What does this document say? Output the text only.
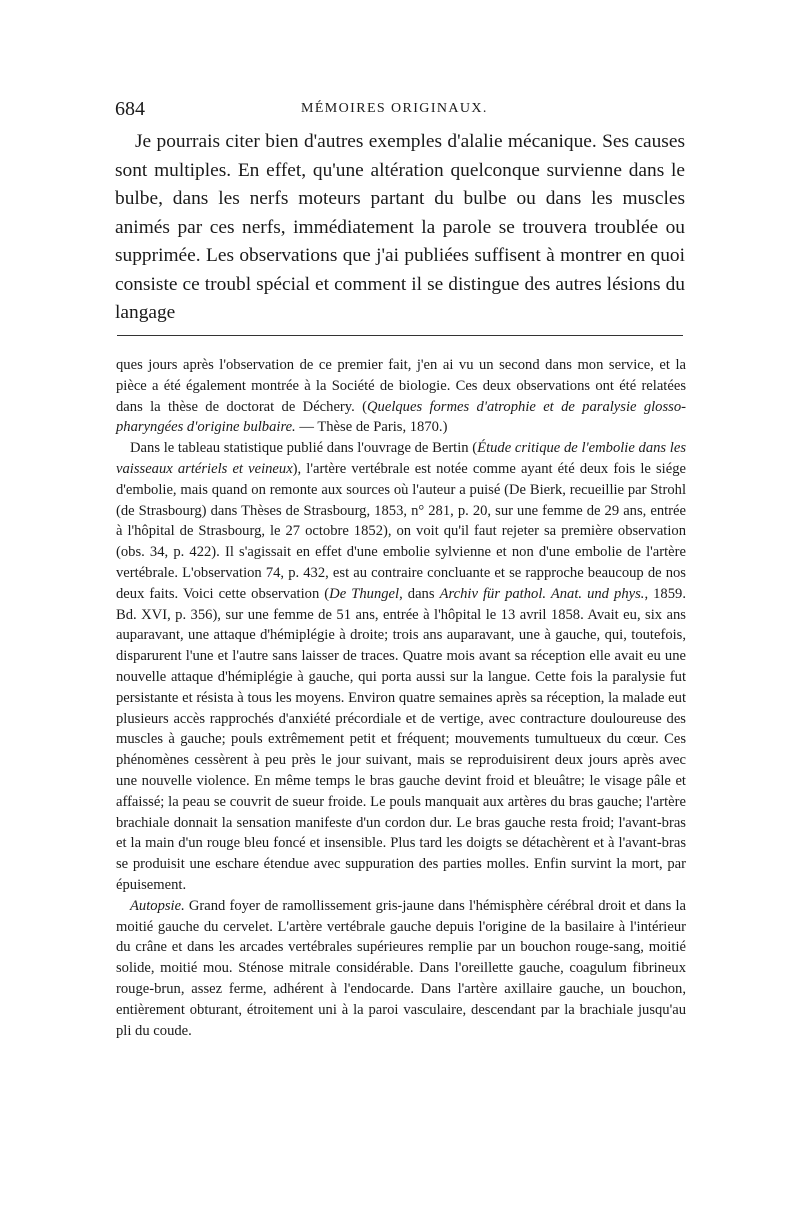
684	MÉMOIRES ORIGINAUX.

Je pourrais citer bien d'autres exemples d'alalie mécanique. Ses causes sont multiples. En effet, qu'une altération quelconque survienne dans le bulbe, dans les nerfs moteurs partant du bulbe ou dans les muscles animés par ces nerfs, immédiatement la parole se trouvera troublée ou supprimée. Les observations que j'ai publiées suffisent à montrer en quoi consiste ce troubl spécial et comment il se distingue des autres lésions du langage

ques jours après l'observation de ce premier fait, j'en ai vu un second dans mon service, et la pièce a été également montrée à la Société de biologie. Ces deux observations ont été relatées dans la thèse de doctorat de Déchery. (Quelques formes d'atrophie et de paralysie glosso-pharyngées d'origine bulbaire. — Thèse de Paris, 1870.)

Dans le tableau statistique publié dans l'ouvrage de Bertin (Étude critique de l'embolie dans les vaisseaux artériels et veineux), l'artère vertébrale est notée comme ayant été deux fois le siége d'embolie, mais quand on remonte aux sources où l'auteur a puisé (De Bierk, recueillie par Strohl (de Strasbourg) dans Thèses de Strasbourg, 1853, n° 281, p. 20, sur une femme de 29 ans, entrée à l'hôpital de Strasbourg, le 27 octobre 1852), on voit qu'il faut rejeter sa première observation (obs. 34, p. 422). Il s'agissait en effet d'une embolie sylvienne et non d'une embolie de l'artère vertébrale. L'observation 74, p. 432, est au contraire concluante et se rapproche beaucoup de nos deux faits. Voici cette observation (De Thungel, dans Archiv für pathol. Anat. und phys., 1859. Bd. XVI, p. 356), sur une femme de 51 ans, entrée à l'hôpital le 13 avril 1858. Avait eu, six ans auparavant, une attaque d'hémiplégie à droite; trois ans auparavant, une à gauche, qui, toutefois, disparurent l'une et l'autre sans laisser de traces. Quatre mois avant sa réception elle avait eu une nouvelle attaque d'hémiplégie à gauche, qui porta aussi sur la langue. Cette fois la paralysie fut persistante et résista à tous les moyens. Environ quatre semaines après sa réception, la malade eut plusieurs accès rapprochés d'anxiété précordiale et de vertige, avec contracture douloureuse des muscles à gauche; pouls extrêmement petit et fréquent; mouvements tumultueux du cœur. Ces phénomènes cessèrent à peu près le jour suivant, mais se reproduisirent deux jours après avec une nouvelle violence. En même temps le bras gauche devint froid et bleuâtre; le visage pâle et affaissé; la peau se couvrit de sueur froide. Le pouls manquait aux artères du bras gauche; l'artère brachiale donnait la sensation manifeste d'un cordon dur. Le bras gauche resta froid; l'avant-bras et la main d'un rouge bleu foncé et insensible. Plus tard les doigts se détachèrent et à l'avant-bras se produisit une eschare étendue avec suppuration des parties molles. Enfin survint la mort, par épuisement.

Autopsie. Grand foyer de ramollissement gris-jaune dans l'hémisphère cérébral droit et dans la moitié gauche du cervelet. L'artère vertébrale gauche depuis l'origine de la basilaire à l'intérieur du crâne et dans les arcades vertébrales supérieures remplie par un bouchon rouge-sang, moitié solide, moitié mou. Sténose mitrale considérable. Dans l'oreillette gauche, coagulum fibrineux rouge-brun, assez ferme, adhérent à l'endocarde. Dans l'artère axillaire gauche, un bouchon, entièrement obturant, étroitement uni à la paroi vasculaire, descendant par la brachiale jusqu'au pli du coude.
